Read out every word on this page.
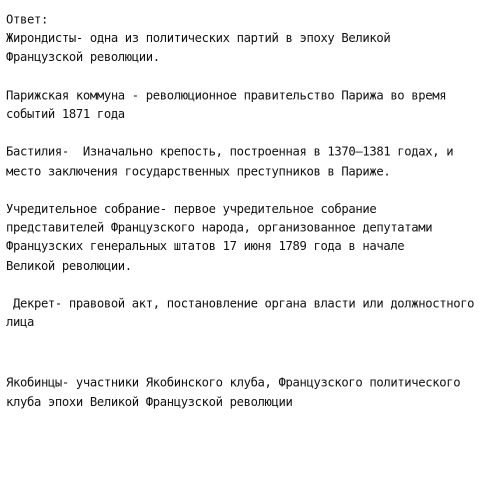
Ответ:
Жирондисты- одна из политических партий в эпоху Великой
Французской революции.
Парижская коммуна - революционное правительство Парижа во время
событий 1871 года
Бастилия-  Изначально крепость, построенная в 1370—1381 годах, и
место заключения государственных преступников в Париже.
Учредительное собрание- первое учредительное собрание
представителей Французского народа, организованное депутатами
Французских генеральных штатов 17 июня 1789 года в начале
Великой революции.
Декрет- правовой акт, постановление органа власти или должностного
лица
Якобинцы- участники Якобинского клуба, Французского политического
клуба эпохи Великой Французской революции
